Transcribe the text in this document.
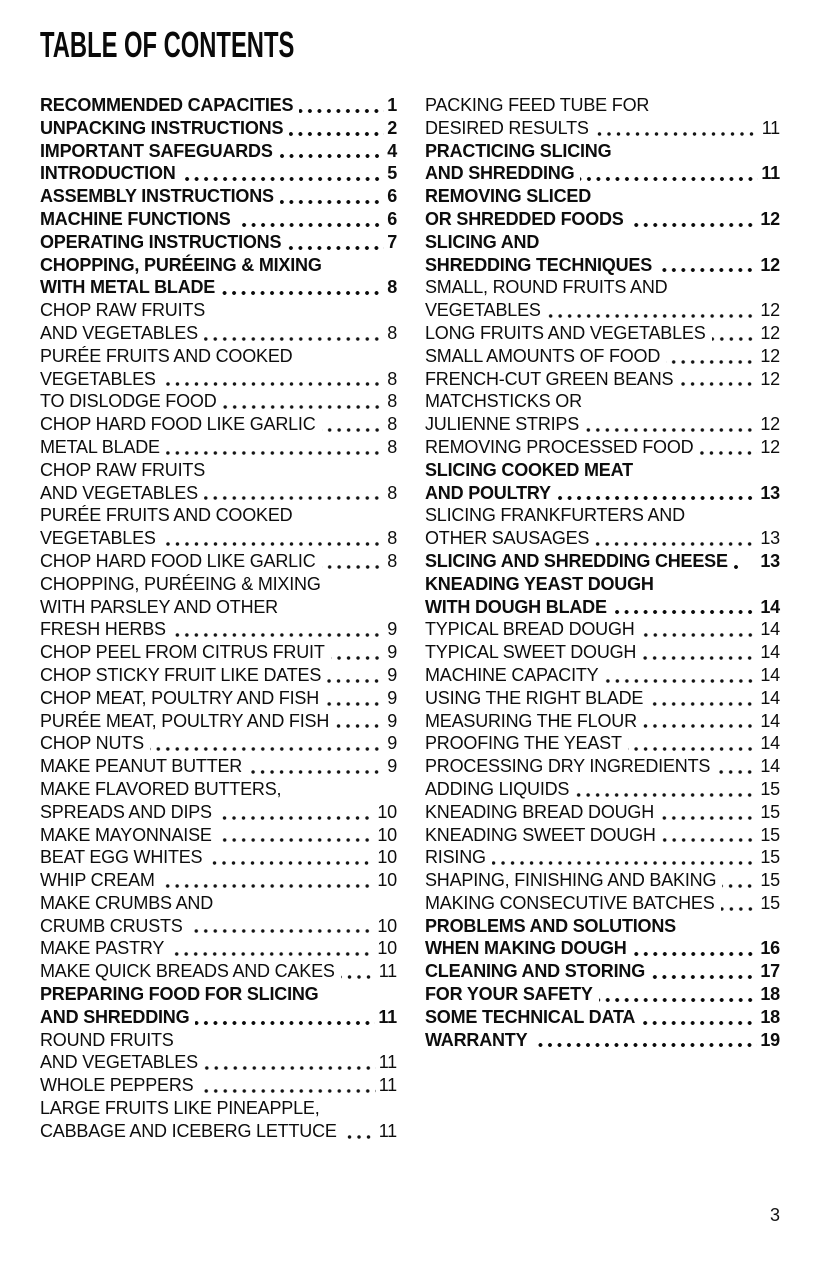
TABLE OF CONTENTS
RECOMMENDED CAPACITIES	1
UNPACKING INSTRUCTIONS	2
IMPORTANT SAFEGUARDS	4
INTRODUCTION	5
ASSEMBLY INSTRUCTIONS	6
MACHINE FUNCTIONS	6
OPERATING INSTRUCTIONS	7
CHOPPING, PURÉEING & MIXING
WITH METAL BLADE	8
CHOP RAW FRUITS
AND VEGETABLES	8
PURÉE FRUITS AND COOKED
VEGETABLES	8
TO DISLODGE FOOD	8
CHOP HARD FOOD LIKE GARLIC	8
METAL BLADE	8
CHOP RAW FRUITS
AND VEGETABLES	8
PURÉE FRUITS AND COOKED
VEGETABLES	8
CHOP HARD FOOD LIKE GARLIC	8
CHOPPING, PURÉEING & MIXING
WITH PARSLEY AND OTHER
FRESH HERBS	9
CHOP PEEL FROM CITRUS FRUIT	9
CHOP STICKY FRUIT LIKE DATES	9
CHOP MEAT, POULTRY AND FISH	9
PURÉE MEAT, POULTRY AND FISH	9
CHOP NUTS	9
MAKE PEANUT BUTTER	9
MAKE FLAVORED BUTTERS,
SPREADS AND DIPS	10
MAKE MAYONNAISE	10
BEAT EGG WHITES	10
WHIP CREAM	10
MAKE CRUMBS AND
CRUMB CRUSTS	10
MAKE PASTRY	10
MAKE QUICK BREADS AND CAKES 11
PREPARING FOOD FOR SLICING
AND SHREDDING	11
ROUND FRUITS
AND VEGETABLES	11
WHOLE PEPPERS	11
LARGE FRUITS LIKE PINEAPPLE,
CABBAGE AND ICEBERG LETTUCE 11
PACKING FEED TUBE FOR
DESIRED RESULTS	11
PRACTICING SLICING
AND SHREDDING	11
REMOVING SLICED
OR SHREDDED FOODS	12
SLICING AND
SHREDDING TECHNIQUES	12
SMALL, ROUND FRUITS AND
VEGETABLES	12
LONG FRUITS AND VEGETABLES	12
SMALL AMOUNTS OF FOOD	12
FRENCH-CUT GREEN BEANS	12
MATCHSTICKS OR
JULIENNE STRIPS	12
REMOVING PROCESSED FOOD	12
SLICING COOKED MEAT
AND POULTRY	13
SLICING FRANKFURTERS AND
OTHER SAUSAGES	13
SLICING AND SHREDDING CHEESE 13
KNEADING YEAST DOUGH
WITH DOUGH BLADE	14
TYPICAL BREAD DOUGH	14
TYPICAL SWEET DOUGH	14
MACHINE CAPACITY	14
USING THE RIGHT BLADE	14
MEASURING THE FLOUR	14
PROOFING THE YEAST	14
PROCESSING DRY INGREDIENTS	14
ADDING LIQUIDS	15
KNEADING BREAD DOUGH	15
KNEADING SWEET DOUGH	15
RISING	15
SHAPING, FINISHING AND BAKING 15
MAKING CONSECUTIVE BATCHES	15
PROBLEMS AND SOLUTIONS
WHEN MAKING DOUGH	16
CLEANING AND STORING	17
FOR YOUR SAFETY	18
SOME TECHNICAL DATA	18
WARRANTY	19
3
